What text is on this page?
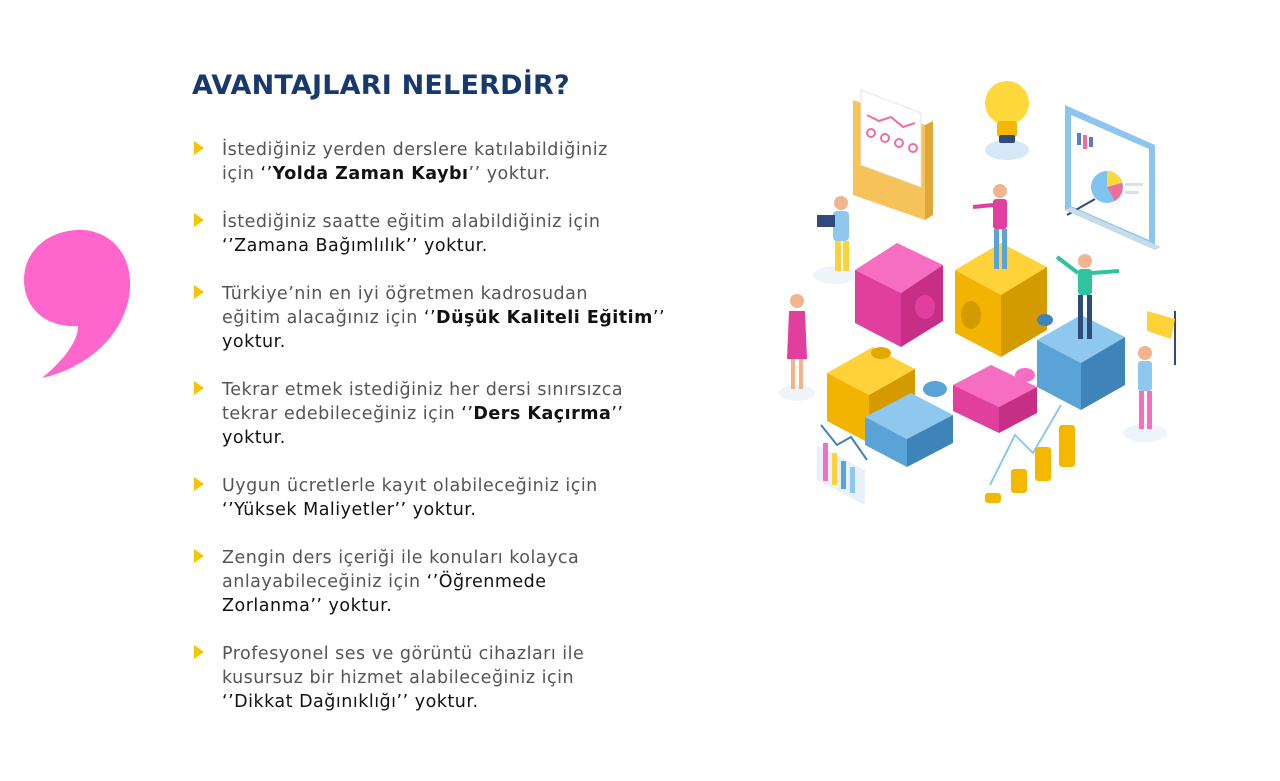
AVANTAJLARI NELERDİR?
İstediğiniz yerden derslere katılabildiğiniz
için ‘’Yolda Zaman Kaybı’’ yoktur.
İstediğiniz saatte eğitim alabildiğiniz için
‘’Zamana Bağımlılık’’ yoktur.
Türkiye’nin en iyi öğretmen kadrosudan
eğitim alacağınız için ‘’Düşük Kaliteli Eğitim’’
yoktur.
Tekrar etmek istediğiniz her dersi sınırsızca
tekrar edebileceğiniz için ‘’Ders Kaçırma’’
yoktur.
Uygun ücretlerle kayıt olabileceğiniz için
‘’Yüksek Maliyetler’’ yoktur.
Zengin ders içeriği ile konuları kolayca
anlayabileceğiniz için ‘’Öğrenmede
Zorlanma’’ yoktur.
Profesyonel ses ve görüntü cihazları ile
kusursuz bir hizmet alabileceğiniz için
‘’Dikkat Dağınıklığı’’ yoktur.
